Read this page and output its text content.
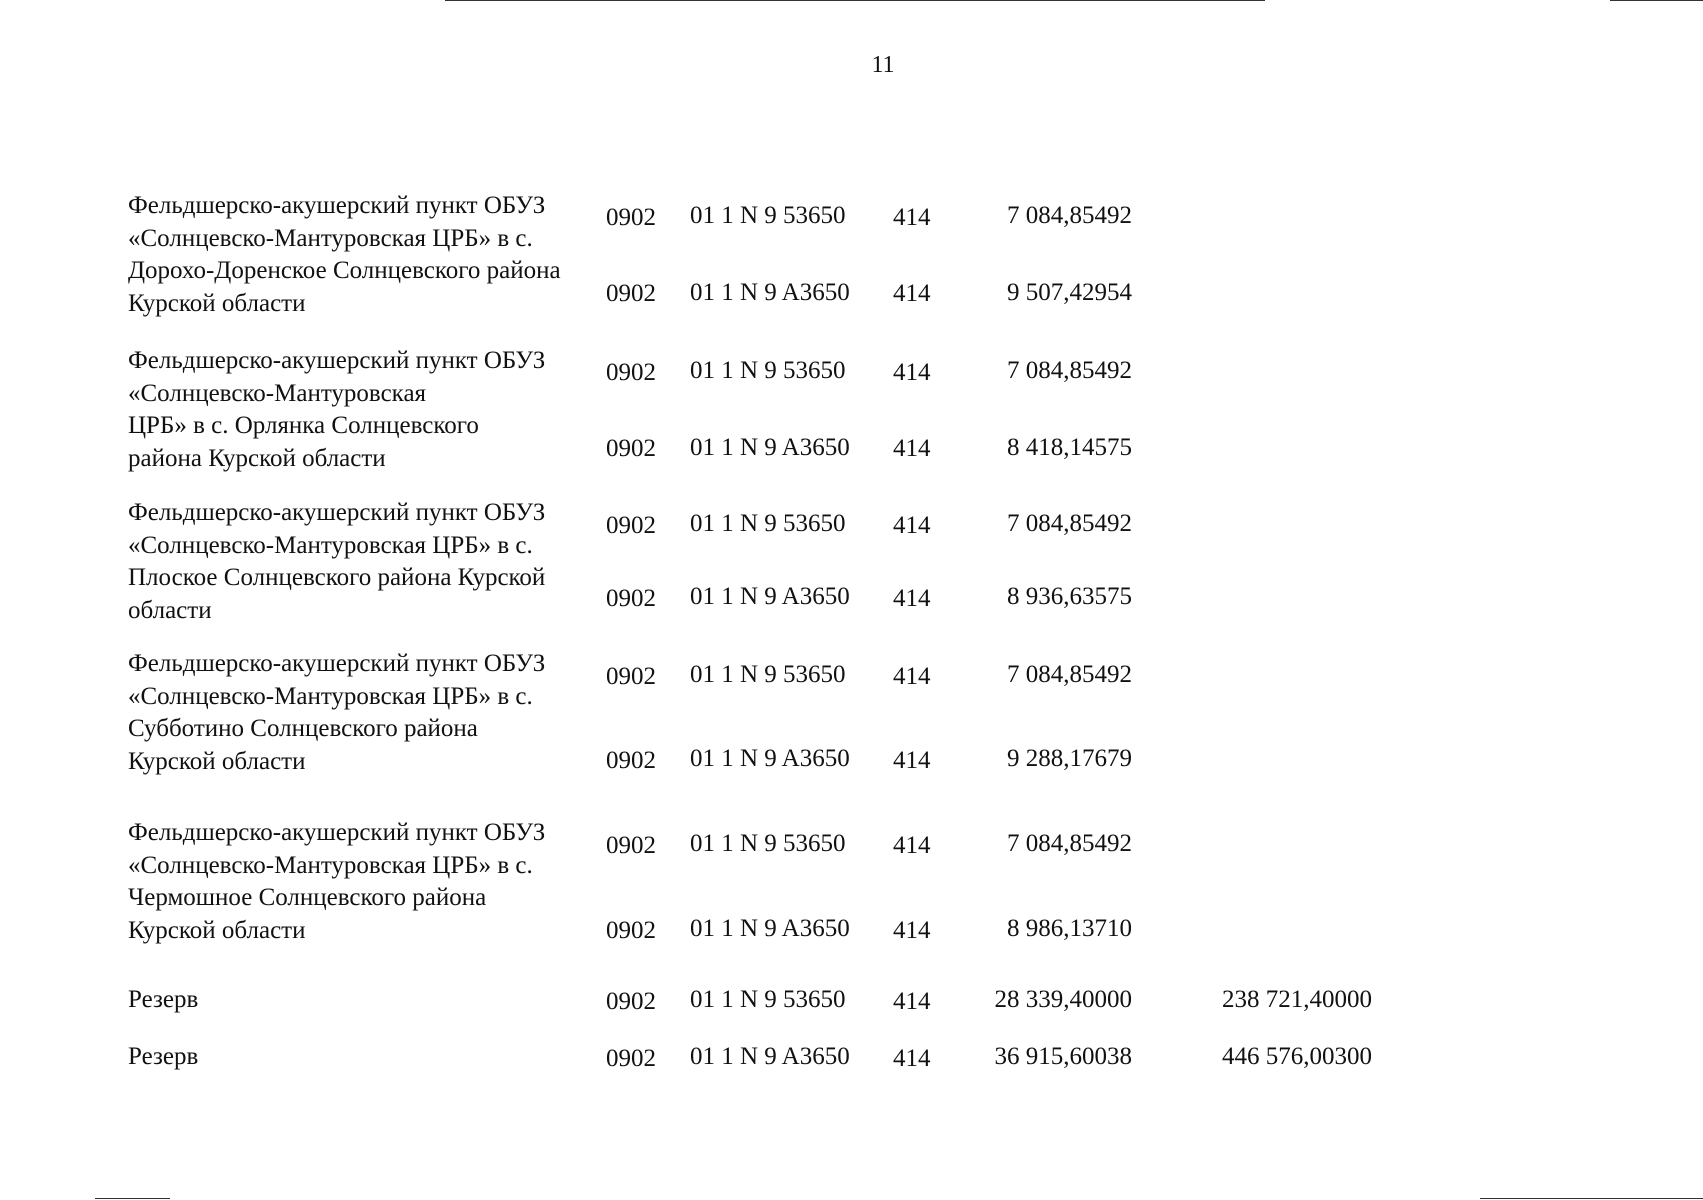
11
Фельдшерско-акушерский пункт ОБУЗ
«Солнцевско-Мантуровская ЦРБ» в с.
Дорохо-Доренское Солнцевского района
Курской области
0902 01 1 N 9 53650 414	7 084,85492
0902 01 1 N 9 A3650 414	9 507,42954
Фельдшерско-акушерский пункт ОБУЗ
«Солнцевско-Мантуровская
ЦРБ» в с. Орлянка Солнцевского
района Курской области
0902 01 1 N 9 53650 414	7 084,85492
0902 01 1 N 9 A3650 414	8 418,14575
Фельдшерско-акушерский пункт ОБУЗ
«Солнцевско-Мантуровская ЦРБ» в с.
Плоское Солнцевского района Курской
области
0902 01 1 N 9 53650 414	7 084,85492
0902 01 1 N 9 A3650 414	8 936,63575
Фельдшерско-акушерский пункт ОБУЗ
«Солнцевско-Мантуровская ЦРБ» в с.
Субботино Солнцевского района
Курской области
0902 01 1 N 9 53650 414	7 084,85492
0902 01 1 N 9 A3650 414	9 288,17679
Фельдшерско-акушерский пункт ОБУЗ
«Солнцевско-Мантуровская ЦРБ» в с.
Чермошное Солнцевского района
Курской области
0902 01 1 N 9 53650 414	7 084,85492
0902 01 1 N 9 A3650 414	8 986,13710
Резерв	0902 01 1 N 9 53650 414	28 339,40000	238 721,40000
Резерв	0902 01 1 N 9 A3650 414	36 915,60038	446 576,00300
